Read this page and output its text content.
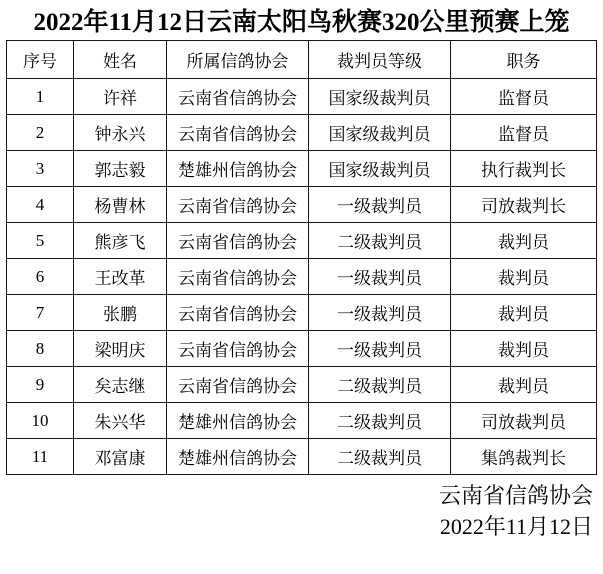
2022年11月12日云南太阳鸟秋赛320公里预赛上笼
序号	姓名	所属信鸽协会	裁判员等级	职务
1	许祥	云南省信鸽协会	国家级裁判员	监督员
2	钟永兴	云南省信鸽协会	国家级裁判员	监督员
3	郭志毅	楚雄州信鸽协会	国家级裁判员	执行裁判长
4	杨曹林	云南省信鸽协会	一级裁判员	司放裁判长
5	熊彦飞	云南省信鸽协会	二级裁判员	裁判员
6	王改革	云南省信鸽协会	一级裁判员	裁判员
7	张鹏	云南省信鸽协会	一级裁判员	裁判员
8	梁明庆	云南省信鸽协会	一级裁判员	裁判员
9	矣志继	云南省信鸽协会	二级裁判员	裁判员
10	朱兴华	楚雄州信鸽协会	二级裁判员	司放裁判员
11	邓富康	楚雄州信鸽协会	二级裁判员	集鸽裁判长
云南省信鸽协会
2022年11月12日
